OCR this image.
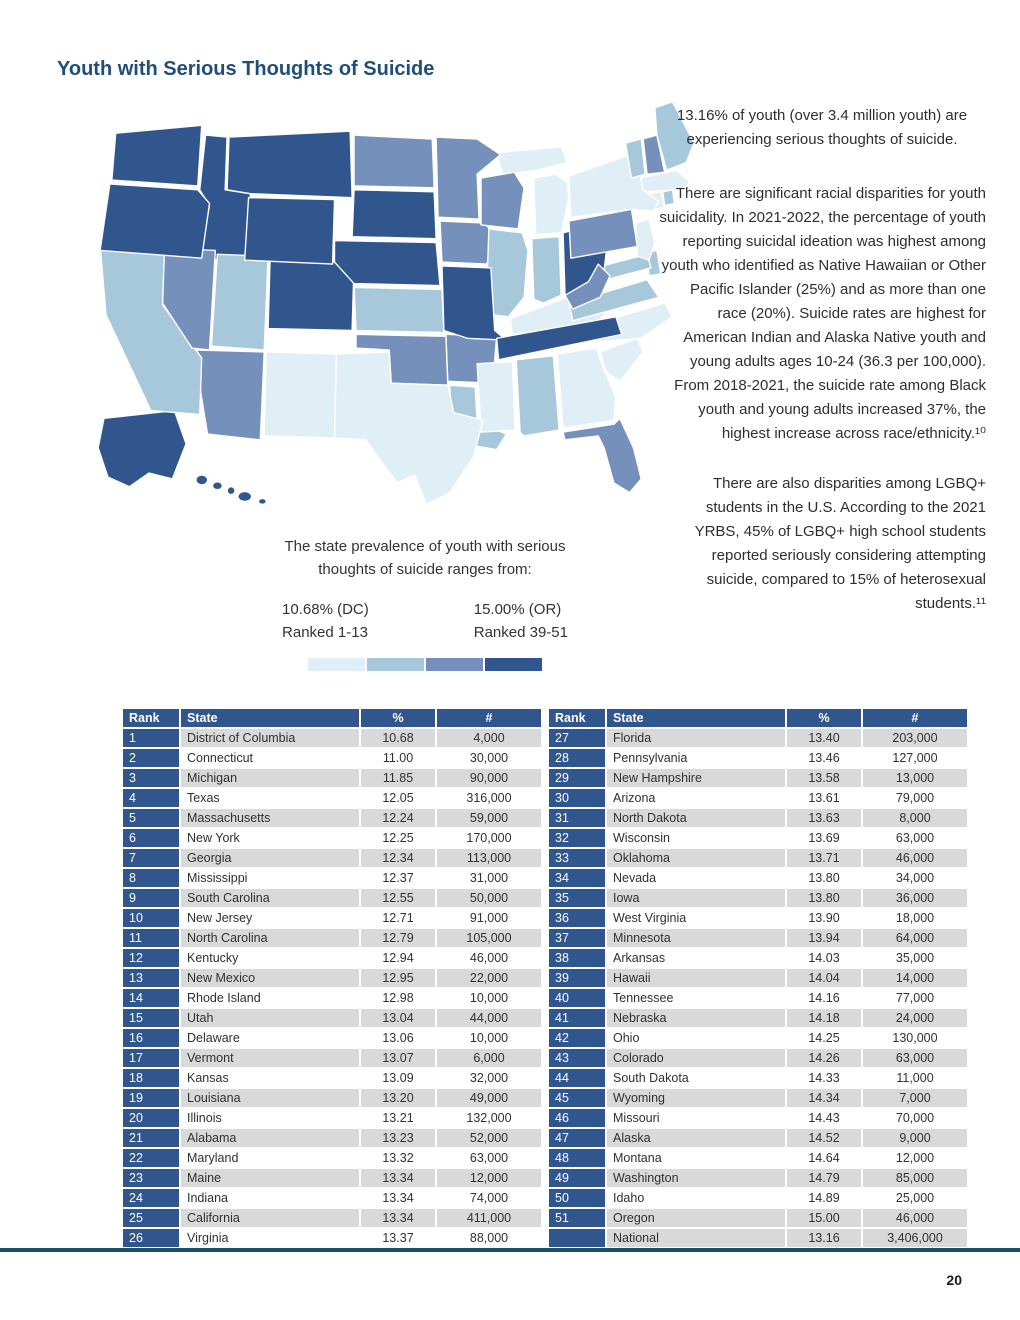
Youth with Serious Thoughts of Suicide
The state prevalence of youth with serious thoughts of suicide ranges from:
10.68% (DC)
Ranked 1-13
15.00% (OR)
Ranked 39-51

13.16% of youth (over 3.4 million youth) are experiencing serious thoughts of suicide.

There are significant racial disparities for youth suicidality. In 2021-2022, the percentage of youth reporting suicidal ideation was highest among youth who identified as Native Hawaiian or Other Pacific Islander (25%) and as more than one race (20%). Suicide rates are highest for American Indian and Alaska Native youth and young adults ages 10-24 (36.3 per 100,000). From 2018-2021, the suicide rate among Black youth and young adults increased 37%, the highest increase across race/ethnicity.¹⁰

There are also disparities among LGBQ+ students in the U.S. According to the 2021 YRBS, 45% of LGBQ+ high school students reported seriously considering attempting suicide, compared to 15% of heterosexual students.¹¹

Rank	State	%	#
1	District of Columbia	10.68	4,000
2	Connecticut	11.00	30,000
3	Michigan	11.85	90,000
4	Texas	12.05	316,000
5	Massachusetts	12.24	59,000
6	New York	12.25	170,000
7	Georgia	12.34	113,000
8	Mississippi	12.37	31,000
9	South Carolina	12.55	50,000
10	New Jersey	12.71	91,000
11	North Carolina	12.79	105,000
12	Kentucky	12.94	46,000
13	New Mexico	12.95	22,000
14	Rhode Island	12.98	10,000
15	Utah	13.04	44,000
16	Delaware	13.06	10,000
17	Vermont	13.07	6,000
18	Kansas	13.09	32,000
19	Louisiana	13.20	49,000
20	Illinois	13.21	132,000
21	Alabama	13.23	52,000
22	Maryland	13.32	63,000
23	Maine	13.34	12,000
24	Indiana	13.34	74,000
25	California	13.34	411,000
26	Virginia	13.37	88,000
Rank	State	%	#
27	Florida	13.40	203,000
28	Pennsylvania	13.46	127,000
29	New Hampshire	13.58	13,000
30	Arizona	13.61	79,000
31	North Dakota	13.63	8,000
32	Wisconsin	13.69	63,000
33	Oklahoma	13.71	46,000
34	Nevada	13.80	34,000
35	Iowa	13.80	36,000
36	West Virginia	13.90	18,000
37	Minnesota	13.94	64,000
38	Arkansas	14.03	35,000
39	Hawaii	14.04	14,000
40	Tennessee	14.16	77,000
41	Nebraska	14.18	24,000
42	Ohio	14.25	130,000
43	Colorado	14.26	63,000
44	South Dakota	14.33	11,000
45	Wyoming	14.34	7,000
46	Missouri	14.43	70,000
47	Alaska	14.52	9,000
48	Montana	14.64	12,000
49	Washington	14.79	85,000
50	Idaho	14.89	25,000
51	Oregon	15.00	46,000
	National	13.16	3,406,000
20
